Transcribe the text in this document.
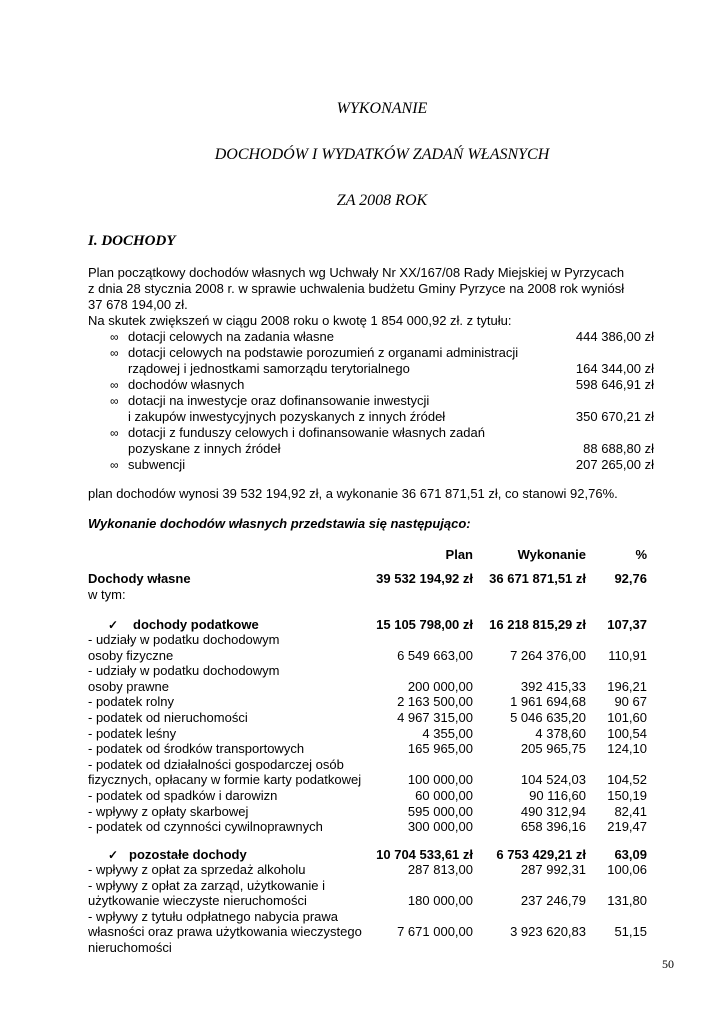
WYKONANIE
DOCHODÓW I WYDATKÓW ZADAŃ WŁASNYCH
ZA 2008 ROK
I. DOCHODY
Plan początkowy dochodów własnych wg Uchwały Nr XX/167/08 Rady Miejskiej w Pyrzycach
z dnia 28 stycznia 2008 r. w sprawie uchwalenia budżetu Gminy Pyrzyce na 2008 rok wyniósł
37 678 194,00 zł.
Na skutek zwiększeń w ciągu 2008 roku o kwotę 1 854 000,92 zł. z tytułu:
∞ dotacji celowych na zadania własne	444 386,00 zł
∞ dotacji celowych na podstawie porozumień z organami administracji
rządowej i jednostkami samorządu terytorialnego	164 344,00 zł
∞ dochodów własnych	598 646,91 zł
∞ dotacji na inwestycje oraz dofinansowanie inwestycji
i zakupów inwestycyjnych pozyskanych z innych źródeł	350 670,21 zł
∞ dotacji z funduszy celowych i dofinansowanie własnych zadań
pozyskane z innych źródeł	88 688,80 zł
∞ subwencji	207 265,00 zł
plan dochodów wynosi 39 532 194,92 zł, a wykonanie 36 671 871,51 zł, co stanowi 92,76%.
Wykonanie dochodów własnych przedstawia się następująco:
Plan	Wykonanie	%
Dochody własne	39 532 194,92 zł 36 671 871,51 zł 92,76
w tym:
✓ dochody podatkowe	15 105 798,00 zł 16 218 815,29 zł 107,37
- udziały w podatku dochodowym
osoby fizyczne	6 549 663,00	7 264 376,00 110,91
- udziały w podatku dochodowym
osoby prawne	200 000,00	392 415,33 196,21
- podatek rolny	2 163 500,00	1 961 694,68 90 67
- podatek od nieruchomości	4 967 315,00	5 046 635,20 101,60
- podatek leśny	4 355,00	4 378,60 100,54
- podatek od środków transportowych	165 965,00	205 965,75 124,10
- podatek od działalności gospodarczej osób
fizycznych, opłacany w formie karty podatkowej	100 000,00	104 524,03 104,52
- podatek od spadków i darowizn	60 000,00	90 116,60 150,19
- wpływy z opłaty skarbowej	595 000,00	490 312,94 82,41
- podatek od czynności cywilnoprawnych	300 000,00	658 396,16 219,47
✓ pozostałe dochody	10 704 533,61 zł 6 753 429,21 zł 63,09
- wpływy z opłat za sprzedaż alkoholu	287 813,00	287 992,31 100,06
- wpływy z opłat za zarząd, użytkowanie i
użytkowanie wieczyste nieruchomości	180 000,00	237 246,79 131,80
- wpływy z tytułu odpłatnego nabycia prawa
własności oraz prawa użytkowania wieczystego	7 671 000,00	3 923 620,83 51,15
nieruchomości
50
